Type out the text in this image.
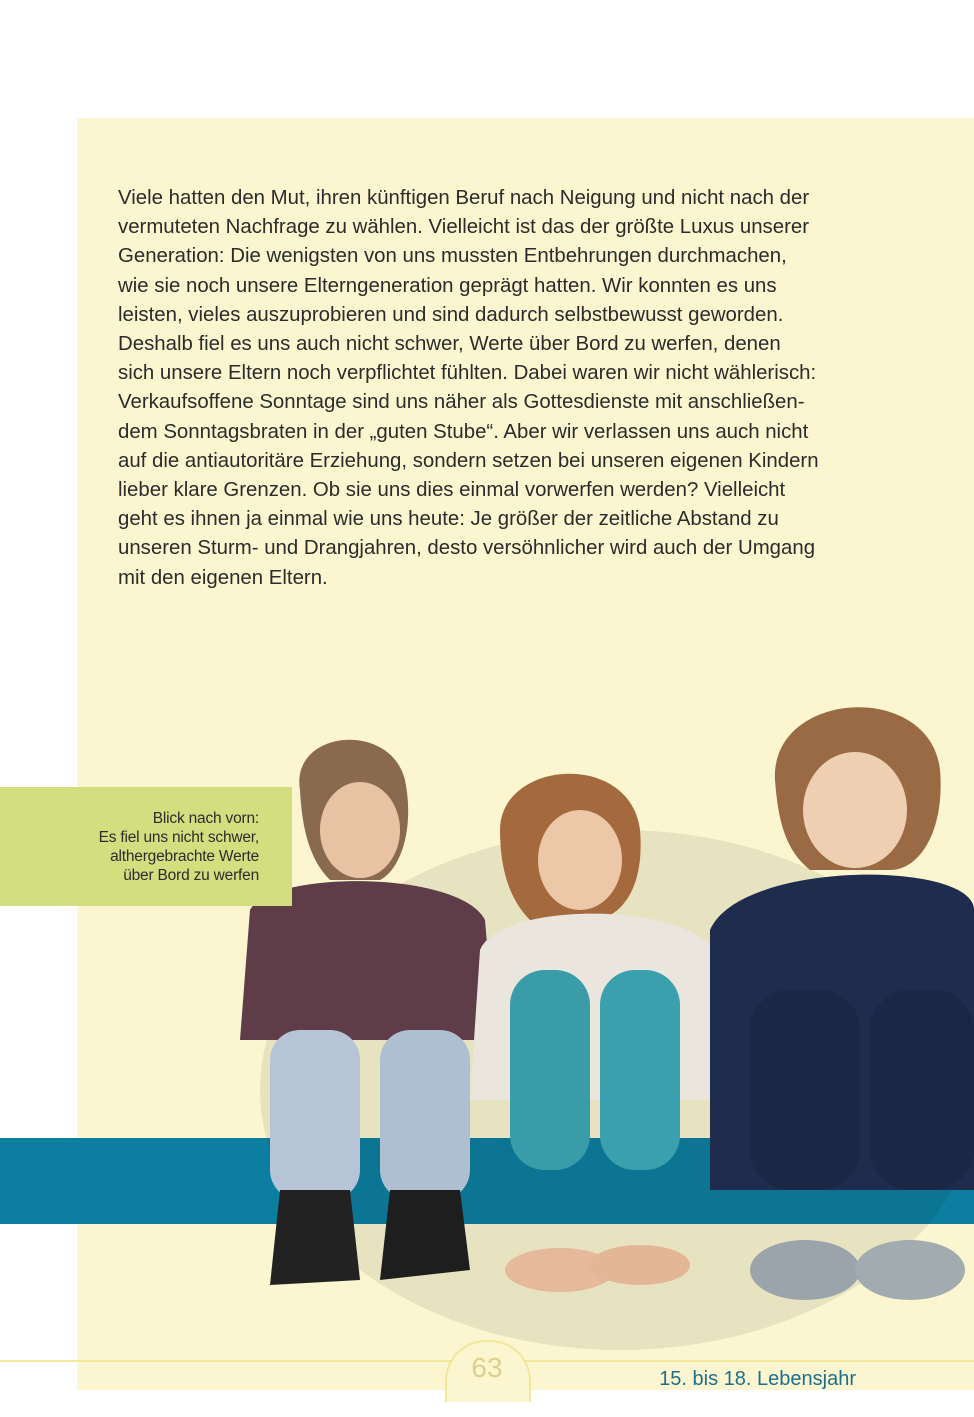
Viele hatten den Mut, ihren künftigen Beruf nach Neigung und nicht nach der
vermuteten Nachfrage zu wählen. Vielleicht ist das der größte Luxus unserer
Generation: Die wenigsten von uns mussten Entbehrungen durchmachen,
wie sie noch unsere Elterngeneration geprägt hatten. Wir konnten es uns
leisten, vieles auszuprobieren und sind dadurch selbstbewusst geworden.
Deshalb fiel es uns auch nicht schwer, Werte über Bord zu werfen, denen
sich unsere Eltern noch verpflichtet fühlten. Dabei waren wir nicht wählerisch:
Verkaufsoffene Sonntage sind uns näher als Gottesdienste mit anschließen-
dem Sonntagsbraten in der „guten Stube“. Aber wir verlassen uns auch nicht
auf die antiautoritäre Erziehung, sondern setzen bei unseren eigenen Kindern
lieber klare Grenzen. Ob sie uns dies einmal vorwerfen werden? Vielleicht
geht es ihnen ja einmal wie uns heute: Je größer der zeitliche Abstand zu
unseren Sturm- und Drangjahren, desto versöhnlicher wird auch der Umgang
mit den eigenen Eltern.

Blick nach vorn:
Es fiel uns nicht schwer,
althergebrachte Werte
über Bord zu werfen

63	15. bis 18. Lebensjahr
